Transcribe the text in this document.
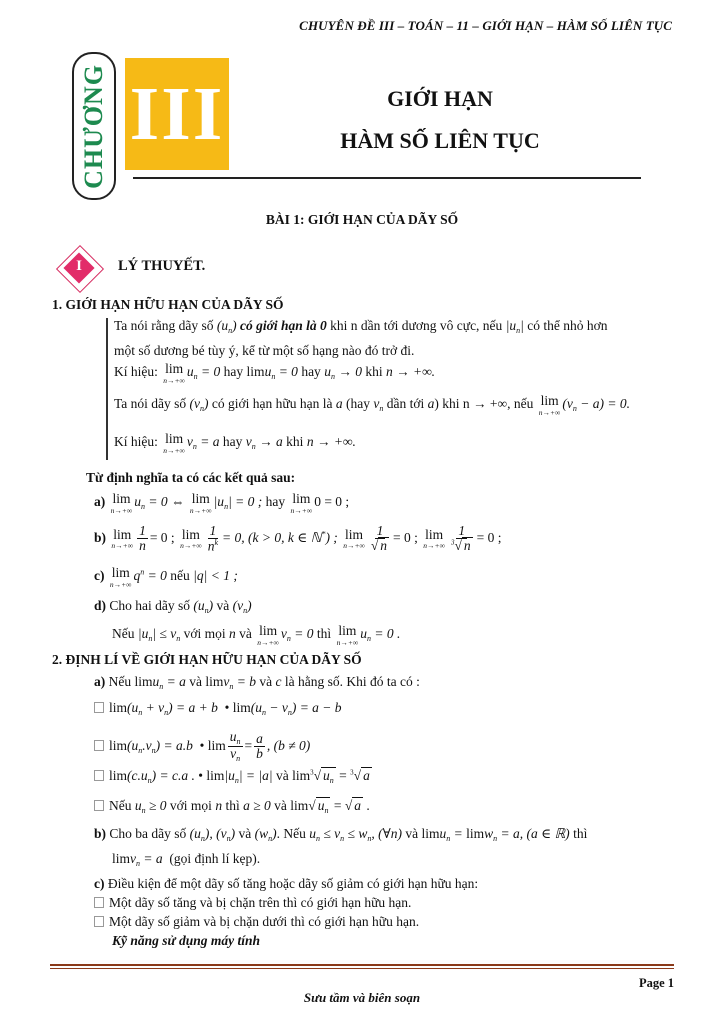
CHUYÊN ĐỀ III – TOÁN – 11 – GIỚI HẠN – HÀM SỐ LIÊN TỤC
CHƯƠNG III	GIỚI HẠN
HÀM SỐ LIÊN TỤC
BÀI 1: GIỚI HẠN CỦA DÃY SỐ
I	LÝ THUYẾT.
1. GIỚI HẠN HỮU HẠN CỦA DÃY SỐ
Ta nói rằng dãy số $(u_n)$ có giới hạn là 0 khi n dần tới dương vô cực, nếu $|u_n|$ có thể nhỏ hơn
một số dương bé tùy ý, kể từ một số hạng nào đó trở đi.
Kí hiệu: lim
n→+∞
$u_n = 0$ hay limu$_n$ = 0 hay $u_n \to 0$ khi n → +∞.
Ta nói dãy số $(v_n)$ có giới hạn hữu hạn là a (hay $v_n$ dần tới a) khi n → +∞, nếu lim
n→+∞
$(v_n - a) = 0$.
Kí hiệu: lim
n→+∞
$v_n = a$ hay $v_n \to a$ khi n → +∞.
Từ định nghĩa ta có các kết quả sau:
a) lim
n→+∞
$u_n = 0$ ⇔ lim
n→+∞
$|u_n| = 0$ ; hay lim
n→+∞
0 = 0 ;
b) lim
$n\to+\infty \frac{1}{n} = 0$ ; lim
$n\to+\infty \frac{1}{n^k} = 0$, (k > 0, k ∈ ℕ*) ; lim
$n\to+\infty \frac{1}{√ n} = 0$ ; lim
$n\to+\infty \frac{1}{^3√ n} = 0$ ;
c) lim
n→+∞
$q^n = 0$ nếu |q| < 1 ;
d) Cho hai dãy số $(u_n)$ và $(v_n)$
Nếu $|u_n| \le v_n$ với mọi n và lim
n→+∞
$v_n = 0$ thì lim
n→+∞
$u_n = 0$ .
2. ĐỊNH LÍ VỀ GIỚI HẠN HỮU HẠN CỦA DÃY SỐ
a) Nếu limu$_n$ = a và limv$_n$ = b và c là hằng số. Khi đó ta có :
$\lim(u_n + v_n) = a + b$  • $\lim(u_n - v_n) = a - b$
$\lim(u_n.v_n) = a.b$  • $\lim \frac{u_n}{v_n} = \frac{a}{b}$ , (b ≠ 0)
$\lim(c.u_n) = c.a$ . • $\lim|u_n| = |a|$ và $\lim^3√$ $u_n = ^3√$ a
Nếu $u_n \ge 0$ với mọi n thì a ≥ 0 và lim√ $u_n$ = √ a .
b) Cho ba dãy số $(u_n)$, $(v_n)$ và $(w_n)$. Nếu $u_n \le v_n \le w_n$, (∀n) và limu$_n$ = limw$_n$ = a, (a ∈ ℝ) thì
limv$_n$ = a (gọi định lí kẹp).
c) Điều kiện để một dãy số tăng hoặc dãy số giảm có giới hạn hữu hạn:
Một dãy số tăng và bị chặn trên thì có giới hạn hữu hạn.
Một dãy số giảm và bị chặn dưới thì có giới hạn hữu hạn.
Kỹ năng sử dụng máy tính
Page 1
Sưu tầm và biên soạn
